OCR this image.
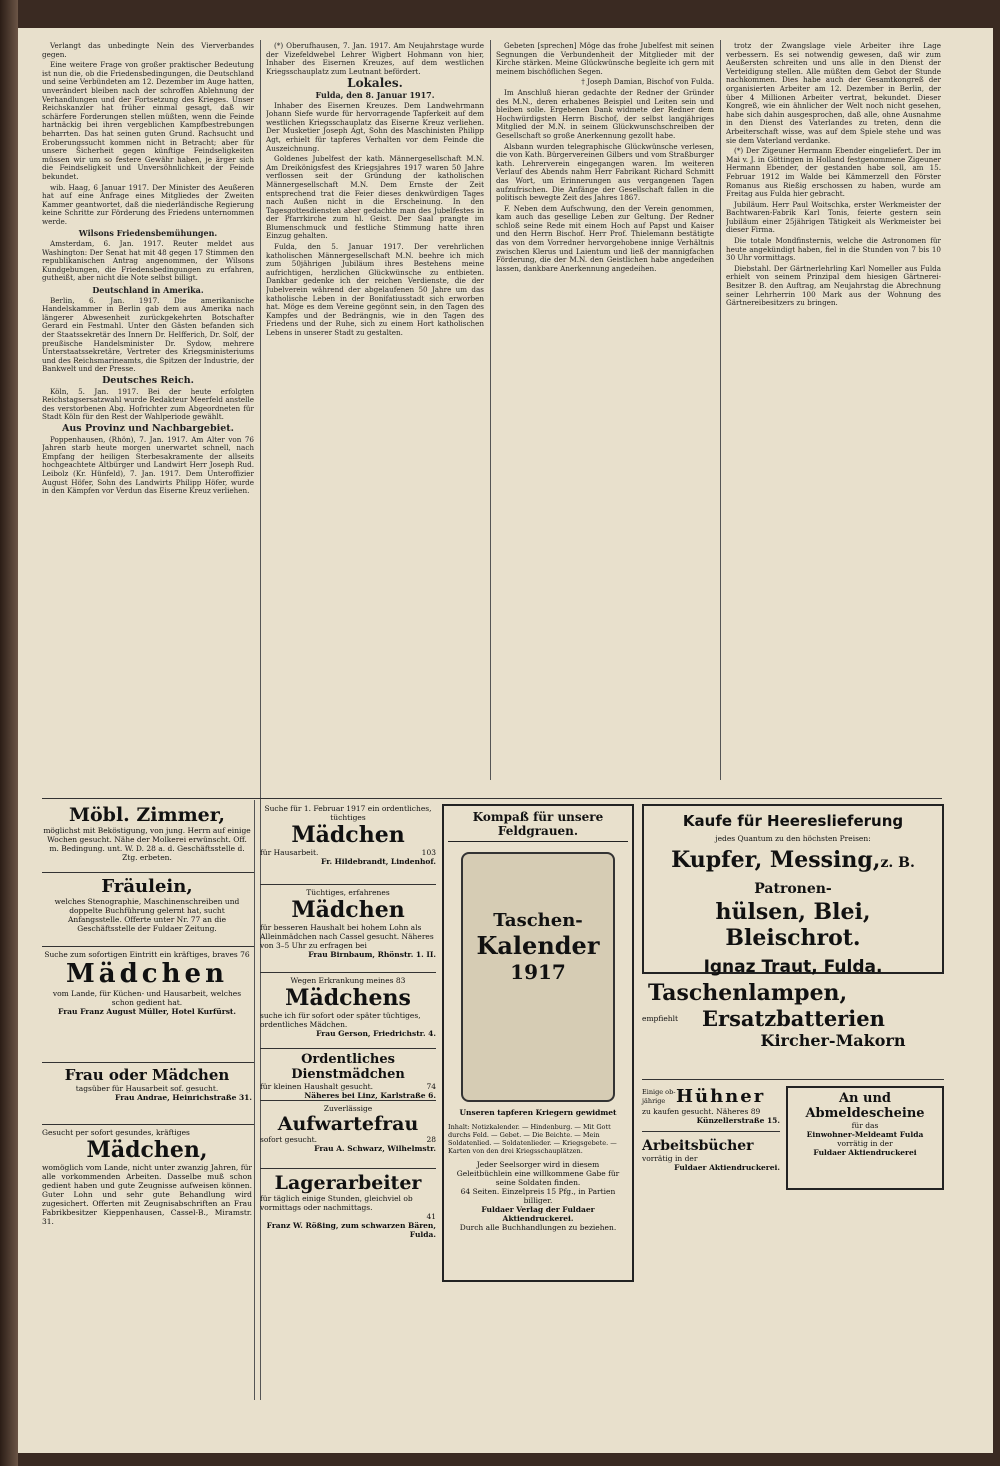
Verlangt das unbedingte Nein des Vierverbandes gegen.

Eine weitere Frage von großer praktischer Bedeutung ist nun die, ob die Friedensbedingungen, die Deutschland und seine Verbündeten am 12. Dezember im Auge hatten, unverändert bleiben nach der schroffen Ablehnung der Verhandlungen und der Fortsetzung des Krieges. Unser Reichskanzler hat früher einmal gesagt, daß wir schärfere Forderungen stellen müßten, wenn die Feinde hartnäckig bei ihren vergeblichen Kampfbestrebungen beharrten. Das hat seinen guten Grund. Rachsucht und Eroberungssucht kommen nicht in Betracht; aber für unsere Sicherheit gegen künftige Feindseligkeiten müssen wir um so festere Gewähr haben, je ärger sich die Feindseligkeit und Unversöhnlichkeit der Feinde bekundet.

wib. Haag, 6 Januar 1917. Der Minister des Aeußeren hat auf eine Anfrage eines Mitgliedes der Zweiten Kammer geantwortet, daß die niederländische Regierung keine Schritte zur Förderung des Friedens unternommen werde.

Wilsons Friedensbemühungen.

Amsterdam, 6. Jan. 1917. Reuter meldet aus Washington: Der Senat hat mit 48 gegen 17 Stimmen den republikanischen Antrag angenommen, der Wilsons Kundgebungen, die Friedensbedingungen zu erfahren, gutheißt, aber nicht die Note selbst billigt.

Deutschland in Amerika.

Berlin, 6. Jan. 1917. Die amerikanische Handelskammer in Berlin gab dem aus Amerika nach längerer Abwesenheit zurückgekehrten Botschafter Gerard ein Festmahl. Unter den Gästen befanden sich der Staatssekretär des Innern Dr. Helfferich, Dr. Solf, der preußische Handelsminister Dr. Sydow, mehrere Unterstaatssekretäre, Vertreter des Kriegsministeriums und des Reichsmarineamts, die Spitzen der Industrie, der Bankwelt und der Presse.

Deutsches Reich.

Köln, 5. Jan. 1917. Bei der heute erfolgten Reichstagsersatzwahl wurde Redakteur Meerfeld anstelle des verstorbenen Abg. Hofrichter zum Abgeordneten für Stadt Köln für den Rest der Wahlperiode gewählt.

Aus Provinz und Nachbargebiet.

Poppenhausen, (Rhön), 7. Jan. 1917. Am Alter von 76 Jahren starb heute morgen unerwartet schnell, nach Empfang der heiligen Sterbesakramente der allseits hochgeachtete Altbürger und Landwirt Herr Joseph Rud. Leibolz (Kr. Hünfeld), 7. Jan. 1917. Dem Unteroffizier August Höfer, Sohn des Landwirts Philipp Höfer, wurde in den Kämpfen vor Verdun das Eiserne Kreuz verliehen.

(*) Oberufhausen, 7. Jan. 1917. Am Neujahrstage wurde der Vizefeldwebel Lehrer Wigbert Hohmann von hier, Inhaber des Eisernen Kreuzes, auf dem westlichen Kriegsschauplatz zum Leutnant befördert.

Lokales.
Fulda, den 8. Januar 1917.

Inhaber des Eisernen Kreuzes. Dem Landwehrmann Johann Siefe wurde für hervorragende Tapferkeit auf dem westlichen Kriegsschauplatz das Eiserne Kreuz verliehen. Der Musketier Joseph Agt, Sohn des Maschinisten Philipp Agt, erhielt für tapferes Verhalten vor dem Feinde die Auszeichnung.

Goldenes Jubelfest der kath. Männergesellschaft M.N. Am Dreikönigsfest des Kriegsjahres 1917 waren 50 Jahre verflossen seit der Gründung der katholischen Männergesellschaft M.N. Dem Ernste der Zeit entsprechend trat die Feier dieses denkwürdigen Tages nach Außen nicht in die Erscheinung. In den Tagesgottesdiensten aber gedachte man des Jubelfestes in der Pfarrkirche zum hl. Geist. Der Saal prangte im Blumenschmuck und festliche Stimmung hatte ihren Einzug gehalten.

Fulda, den 5. Januar 1917. Der verehrlichen katholischen Männergesellschaft M.N. beehre ich mich zum 50jährigen Jubiläum ihres Bestehens meine aufrichtigen, herzlichen Glückwünsche zu entbieten. Dankbar gedenke ich der reichen Verdienste, die der Jubelverein während der abgelaufenen 50 Jahre um das katholische Leben in der Bonifatiusstadt sich erworben hat. Möge es dem Vereine gegönnt sein, in den Tagen des Kampfes und der Bedrängnis, wie in den Tagen des Friedens und der Ruhe, sich zu einem Hort katholischen Lebens in unserer Stadt zu gestalten.

Gebeten [sprechen] Möge das frohe Jubelfest mit seinen Segnungen die Verbundenheit der Mitglieder mit der Kirche stärken. Meine Glückwünsche begleite ich gern mit meinem bischöflichen Segen.

† Joseph Damian, Bischof von Fulda.

Im Anschluß hieran gedachte der Redner der Gründer des M.N., deren erhabenes Beispiel und Leiten sein und bleiben solle. Ergebenen Dank widmete der Redner dem Hochwürdigsten Herrn Bischof, der selbst langjähriges Mitglied der M.N. in seinem Glückwunschschreiben der Gesellschaft so große Anerkennung gezollt habe.

Alsbann wurden telegraphische Glückwünsche verlesen, die von Kath. Bürgervereinen Gilbers und vom Straßburger kath. Lehrerverein eingegangen waren. Im weiteren Verlauf des Abends nahm Herr Fabrikant Richard Schmitt das Wort, um Erinnerungen aus vergangenen Tagen aufzufrischen. Die Anfänge der Gesellschaft fallen in die politisch bewegte Zeit des Jahres 1867.

F. Neben dem Aufschwung, den der Verein genommen, kam auch das gesellige Leben zur Geltung. Der Redner schloß seine Rede mit einem Hoch auf Papst und Kaiser und den Herrn Bischof. Herr Prof. Thielemann bestätigte das von dem Vorredner hervorgehobene innige Verhältnis zwischen Klerus und Laientum und ließ der mannigfachen Förderung, die der M.N. den Geistlichen habe angedeihen lassen, dankbare Anerkennung angedeihen.

trotz der Zwangslage viele Arbeiter ihre Lage verbessern. Es sei notwendig gewesen, daß wir zum Aeußersten schreiten und uns alle in den Dienst der Verteidigung stellen. Alle müßten dem Gebot der Stunde nachkommen. Dies habe auch der Gesamtkongreß der organisierten Arbeiter am 12. Dezember in Berlin, der über 4 Millionen Arbeiter vertrat, bekundet. Dieser Kongreß, wie ein ähnlicher der Welt noch nicht gesehen, habe sich dahin ausgesprochen, daß alle, ohne Ausnahme in den Dienst des Vaterlandes zu treten, denn die Arbeiterschaft wisse, was auf dem Spiele stehe und was sie dem Vaterland verdanke.

(*) Der Zigeuner Hermann Ebender eingeliefert. Der im Mai v. J. in Göttingen in Holland festgenommene Zigeuner Hermann Ebender, der gestanden habe soll, am 15. Februar 1912 im Walde bei Kämmerzell den Förster Romanus aus Rießig erschossen zu haben, wurde am Freitag aus Fulda hier gebracht.

Jubiläum. Herr Paul Woitschka, erster Werkmeister der Bachtwaren-Fabrik Karl Tonis, feierte gestern sein Jubiläum einer 25jährigen Tätigkeit als Werkmeister bei dieser Firma.

Die totale Mondfinsternis, welche die Astronomen für heute angekündigt haben, fiel in die Stunden von 7 bis 10 30 Uhr vormittags.

Diebstahl. Der Gärtnerlehrling Karl Nomeller aus Fulda erhielt von seinem Prinzipal dem hiesigen Gärtnerei-Besitzer B. den Auftrag, am Neujahrstag die Abrechnung seiner Lehrherrin 100 Mark aus der Wohnung des Gärtnereibesitzers zu bringen.

Möbl. Zimmer,
möglichst mit Beköstigung, von jung. Herrn auf einige Wochen gesucht. Nähe der Molkerei erwünscht. Off. m. Bedingung. unt. W. D. 28 a. d. Geschäftsstelle d. Ztg. erbeten.
Fräulein,
welches Stenographie, Maschinenschreiben und doppelte Buchführung gelernt hat, sucht Anfangsstelle. Offerte unter Nr. 77 an die Geschäftsstelle der Fuldaer Zeitung.
Suche zum sofortigen Eintritt ein kräftiges, braves 76
Mädchen
vom Lande, für Küchen- und Hausarbeit, welches schon gedient hat.
Frau Franz August Müller, Hotel Kurfürst.
Frau oder Mädchen
tagsüber für Hausarbeit sof. gesucht.
Frau Andrae, Heinrichstraße 31.
Gesucht per sofort gesundes, kräftiges
Mädchen,
womöglich vom Lande, nicht unter zwanzig Jahren, für alle vorkommenden Arbeiten. Dasselbe muß schon gedient haben und gute Zeugnisse aufweisen können. Guter Lohn und sehr gute Behandlung wird zugesichert. Offerten mit Zeugnisabschriften an Frau Fabrikbesitzer Kieppenhausen, Cassel-B., Miramstr. 31.
Suche für 1. Februar 1917 ein ordentliches, tüchtiges
Mädchen
für Hausarbeit.	103
Fr. Hildebrandt, Lindenhof.
Tüchtiges, erfahrenes
Mädchen
für besseren Haushalt bei hohem Lohn als Alleinmädchen nach Cassel gesucht. Näheres von 3–5 Uhr zu erfragen bei
Frau Birnbaum, Rhönstr. 1. II.
Wegen Erkrankung meines 83
Mädchens
suche ich für sofort oder später tüchtiges, ordentliches Mädchen.
Frau Gerson, Friedrichstr. 4.
Ordentliches Dienstmädchen
für kleinen Haushalt gesucht.	74
Näheres bei Linz, Karlstraße 6.
Zuverlässige
Aufwartefrau
sofort gesucht.	28
Frau A. Schwarz, Wilhelmstr.
Lagerarbeiter
für täglich einige Stunden, gleichviel ob vormittags oder nachmittags.
41
Franz W. Rößing, zum schwarzen Bären, Fulda.
Kompaß für unsere Feldgrauen.
Taschen-
Kalender
1917
Unseren tapferen Kriegern gewidmet
Inhalt: Notizkalender. — Hindenburg. — Mit Gott durchs Feld. — Gebet. — Die Beichte. — Mein Soldatenlied. — Soldatenlieder. — Kriegsgebete. — Karten von den drei Kriegsschauplätzen.
Jeder Seelsorger wird in diesem Geleitbüchlein eine willkommene Gabe für seine Soldaten finden.
64 Seiten. Einzelpreis 15 Pfg., in Partien billiger.
Fuldaer Verlag der Fuldaer Aktiendruckerei.
Durch alle Buchhandlungen zu beziehen.
Kaufe für Heereslieferung
jedes Quantum zu den höchsten Preisen:
Kupfer, Messing,z. B. Patronen-
hülsen, Blei, Bleischrot.
Ignaz Traut, Fulda.
Taschenlampen,
empfiehlt	Ersatzbatterien
Kircher-Makorn
Einige ob-jährige Hühner
zu kaufen gesucht. Näheres 89
Künzellerstraße 15.
Arbeitsbücher
vorrätig in der
Fuldaer Aktiendruckerei.
An und Abmeldescheine
für das
Einwohner-Meldeamt Fulda
vorrätig in der
Fuldaer Aktiendruckerei
